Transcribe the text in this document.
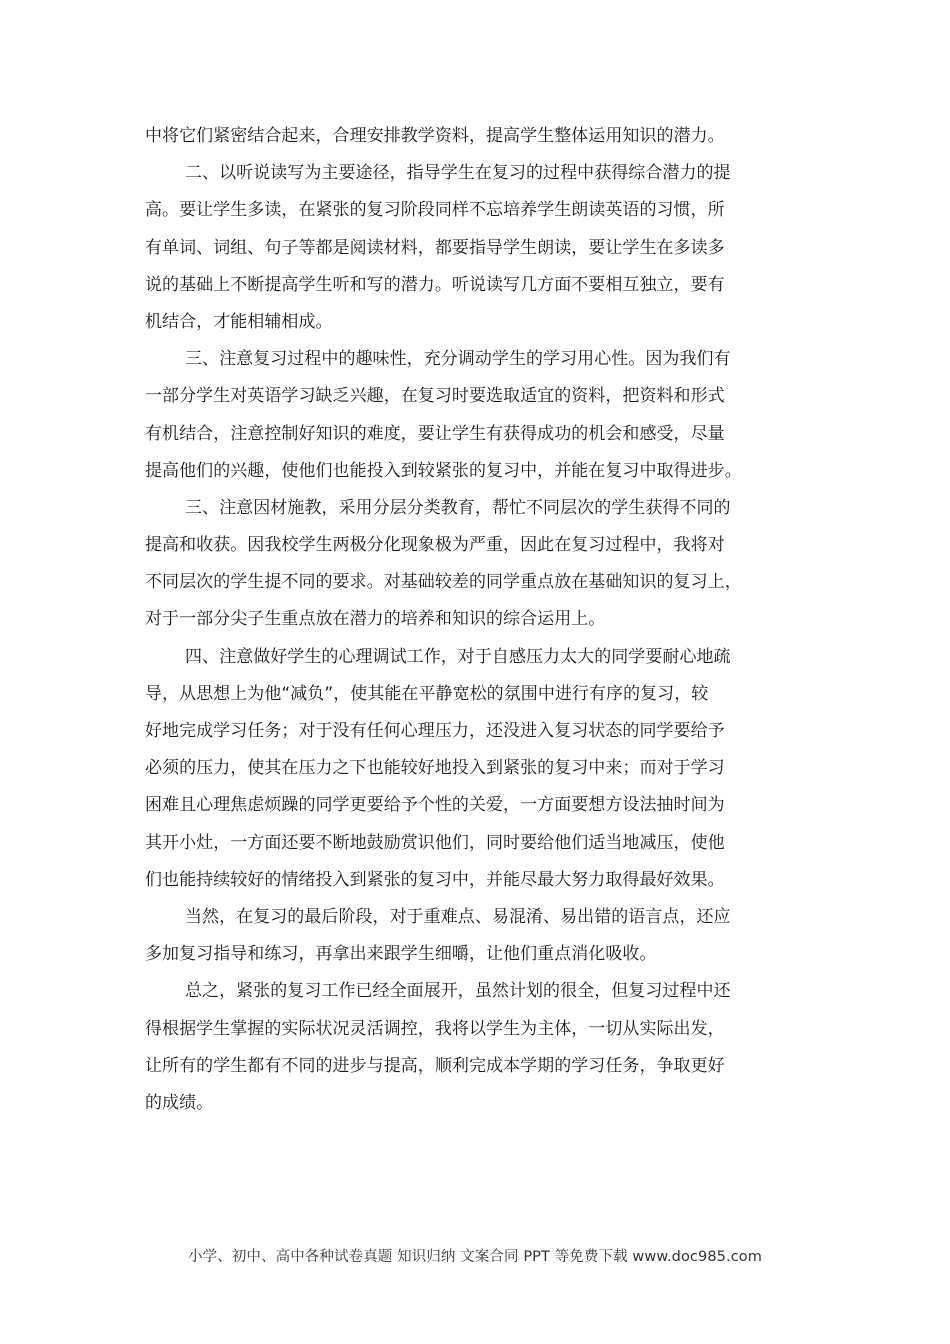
中将它们紧密结合起来，合理安排教学资料，提高学生整体运用知识的潜力。

二、以听说读写为主要途径，指导学生在复习的过程中获得综合潜力的提
高。要让学生多读，在紧张的复习阶段同样不忘培养学生朗读英语的习惯，所
有单词、词组、句子等都是阅读材料，都要指导学生朗读，要让学生在多读多
说的基础上不断提高学生听和写的潜力。听说读写几方面不要相互独立，要有
机结合，才能相辅相成。

三、注意复习过程中的趣味性，充分调动学生的学习用心性。因为我们有
一部分学生对英语学习缺乏兴趣，在复习时要选取适宜的资料，把资料和形式
有机结合，注意控制好知识的难度，要让学生有获得成功的机会和感受，尽量
提高他们的兴趣，使他们也能投入到较紧张的复习中，并能在复习中取得进步。

三、注意因材施教，采用分层分类教育，帮忙不同层次的学生获得不同的
提高和收获。因我校学生两极分化现象极为严重，因此在复习过程中，我将对
不同层次的学生提不同的要求。对基础较差的同学重点放在基础知识的复习上，
对于一部分尖子生重点放在潜力的培养和知识的综合运用上。

四、注意做好学生的心理调试工作，对于自感压力太大的同学要耐心地疏
导，从思想上为他“减负”，使其能在平静宽松的氛围中进行有序的复习，较
好地完成学习任务；对于没有任何心理压力，还没进入复习状态的同学要给予
必须的压力，使其在压力之下也能较好地投入到紧张的复习中来；而对于学习
困难且心理焦虑烦躁的同学更要给予个性的关爱，一方面要想方设法抽时间为
其开小灶，一方面还要不断地鼓励赏识他们，同时要给他们适当地减压，使他
们也能持续较好的情绪投入到紧张的复习中，并能尽最大努力取得最好效果。

当然，在复习的最后阶段，对于重难点、易混淆、易出错的语言点，还应
多加复习指导和练习，再拿出来跟学生细嚼，让他们重点消化吸收。

总之，紧张的复习工作已经全面展开，虽然计划的很全，但复习过程中还
得根据学生掌握的实际状况灵活调控，我将以学生为主体，一切从实际出发，
让所有的学生都有不同的进步与提高，顺利完成本学期的学习任务，争取更好
的成绩。

小学、初中、高中各种试卷真题 知识归纳 文案合同 PPT 等免费下载 www.doc985.com
